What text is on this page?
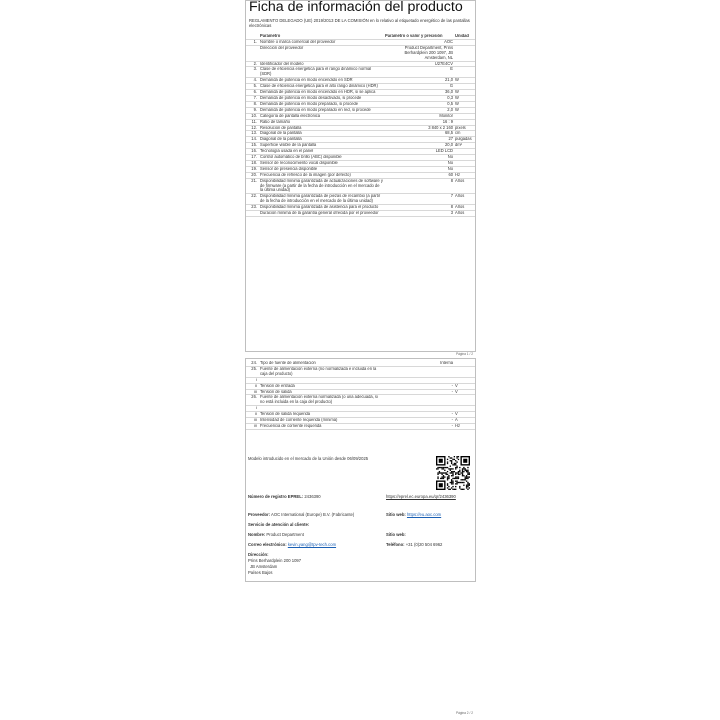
Ficha de información del producto
REGLAMENTO DELEGADO (UE) 2019/2013 DE LA COMISIÓN en lo relativo al etiquetado energético de las pantallas electrónicas
	Parámetro	Parámetro o valor y precisión	Unidad
1.	Nombre o marca comercial del proveedor	AOC	
	Dirección del proveedor	Product Department, Prins Berhardplein 200 1097, JB Amsterdam, NL	
2.	Identificador del modelo	U27E4CV	
3.	Clase de eficiencia energética para el rango dinámico normal (SDR)	E	
4.	Demanda de potencia en modo encendido en SDR	21,0	W
5.	Clase de eficiencia energética para el alto rango dinámico (HDR)	G	
6.	Demanda de potencia en modo encendido en HDR, si se aplica	36,0	W
7.	Demanda de potencia en modo desactivado, si procede	0,3	W
8.	Demanda de potencia en modo preparado, si procede	0,5	W
9.	Demanda de potencia en modo preparado en red, si procede	2,0	W
10.	Categoría de pantalla electrónica	Monitor	
11.	Ratio de tamaño	16 : 9	
12.	Resolución de pantalla	3 840 x 2 160	píxels
13.	Diagonal de la pantalla	68,5	cm
14.	Diagonal de la pantalla	27	pulgadas
15.	Superficie visible de la pantalla	20,0	dm²
16.	Tecnología usada en el panel	LED LCD	
17.	Control automático de brillo (ABC) disponible	No	
18.	Sensor de reconocimiento vocal disponible	No	
19.	Sensor de presencia disponible	No	
20.	Frecuencia de refresco de la imagen (por defecto)	60	Hz
21.	Disponibilidad mínima garantizada de actualizaciones de software y de firmware (a partir de la fecha de introducción en el mercado de la última unidad)	8	Años
22.	Disponibilidad mínima garantizada de piezas de recambio (a partir de la fecha de introducción en el mercado de la última unidad)	7	Años
23.	Disponibilidad mínima garantizada de asistencia para el producto	8	Años
	Duración mínima de la garantía general ofrecida por el proveedor	3	Años
Página 1 / 2
24.	Tipo de fuente de alimentación	Interna	
25.	Fuente de alimentación externa (no normalizada e incluida en la caja del producto)		
i			
ii	Tensión de entrada	-	V
iii	Tensión de salida	-	V
26.	Fuente de alimentación externa normalizada (o una adecuada, si no está incluida en la caja del producto)		
i			
ii	Tensión de salida requerida	-	V
iii	Intensidad de corriente requerida (mínima)	-	A
iv	Frecuencia de corriente requerida	-	Hz
Modelo introducido en el mercado de la Unión desde 06/09/2025
Número de registro EPREL: 2436390	https://eprel.ec.europa.eu/qr/2436390
Proveedor: AOC International (Europe) B.V. (Fabricante)	Sitio web: https://eu.aoc.com
Servicio de atención al cliente:
Nombre: Product Department	Sitio web:
Correo electrónico: kevin.yang@tpv-tech.com	Teléfono: +31 (0)20 504 6962
Dirección:
Prins Berhardplein 200 1097
JB Amsterdam
Países Bajos
Página 2 / 2
